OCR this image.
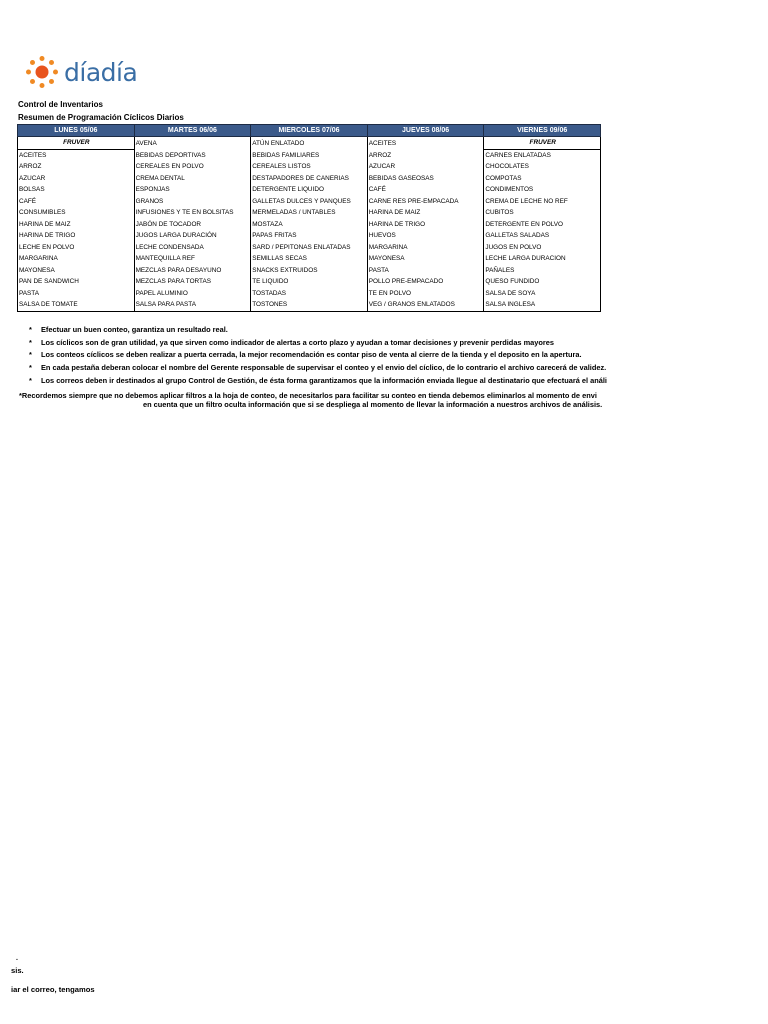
díadía
Control de Inventarios
Resumen de Programación Cíclicos Diarios
LUNES 05/06	MARTES 06/06	MIERCOLES 07/06	JUEVES 08/06	VIERNES 09/06
FRUVER	AVENA	ATÚN ENLATADO	ACEITES	FRUVER
ACEITES	BEBIDAS DEPORTIVAS	BEBIDAS FAMILIARES	ARROZ	CARNES ENLATADAS
ARROZ	CEREALES EN POLVO	CEREALES LISTOS	AZUCAR	CHOCOLATES
AZUCAR	CREMA DENTAL	DESTAPADORES DE CANERIAS	BEBIDAS GASEOSAS	COMPOTAS
BOLSAS	ESPONJAS	DETERGENTE LIQUIDO	CAFÉ	CONDIMENTOS
CAFÉ	GRANOS	GALLETAS DULCES Y PANQUES	CARNE RES PRE-EMPACADA	CREMA DE LECHE NO REF
CONSUMIBLES	INFUSIONES Y TE EN BOLSITAS	MERMELADAS / UNTABLES	HARINA DE MAIZ	CUBITOS
HARINA DE MAIZ	JABÓN DE TOCADOR	MOSTAZA	HARINA DE TRIGO	DETERGENTE EN POLVO
HARINA DE TRIGO	JUGOS LARGA DURACIÓN	PAPAS FRITAS	HUEVOS	GALLETAS SALADAS
LECHE EN POLVO	LECHE CONDENSADA	SARD / PEPITONAS ENLATADAS	MARGARINA	JUGOS EN POLVO
MARGARINA	MANTEQUILLA REF	SEMILLAS SECAS	MAYONESA	LECHE LARGA DURACION
MAYONESA	MEZCLAS PARA DESAYUNO	SNACKS EXTRUIDOS	PASTA	PAÑALES
PAN DE SANDWICH	MEZCLAS PARA TORTAS	TE LIQUIDO	POLLO PRE-EMPACADO	QUESO FUNDIDO
PASTA	PAPEL ALUMINIO	TOSTADAS	TE EN POLVO	SALSA DE SOYA
SALSA DE TOMATE	SALSA PARA PASTA	TOSTONES	VEG / GRANOS ENLATADOS	SALSA INGLESA
* Efectuar un buen conteo, garantiza un resultado real.
* Los cíclicos son de gran utilidad, ya que sirven como indicador de alertas a corto plazo y ayudan a tomar decisiones y prevenir perdidas mayores
* Los conteos cíclicos se deben realizar a puerta cerrada, la mejor recomendación es contar piso de venta al cierre de la tienda y el deposito en la apertura.
* En cada pestaña deberan colocar el nombre del Gerente responsable de supervisar el conteo y el envio del cíclico, de lo contrario el archivo carecerá de validez.
* Los correos deben ir destinados al grupo Control de Gestión, de ésta forma garantizamos que la información enviada llegue al destinatario que efectuará el análi
*Recordemos siempre que no debemos aplicar filtros a la hoja de conteo, de necesitarlos para facilitar su conteo en tienda debemos eliminarlos al momento de envi
en cuenta que un filtro oculta información que si se despliega al momento de llevar la información a nuestros archivos de análisis.
.
sis.
iar el correo, tengamos
